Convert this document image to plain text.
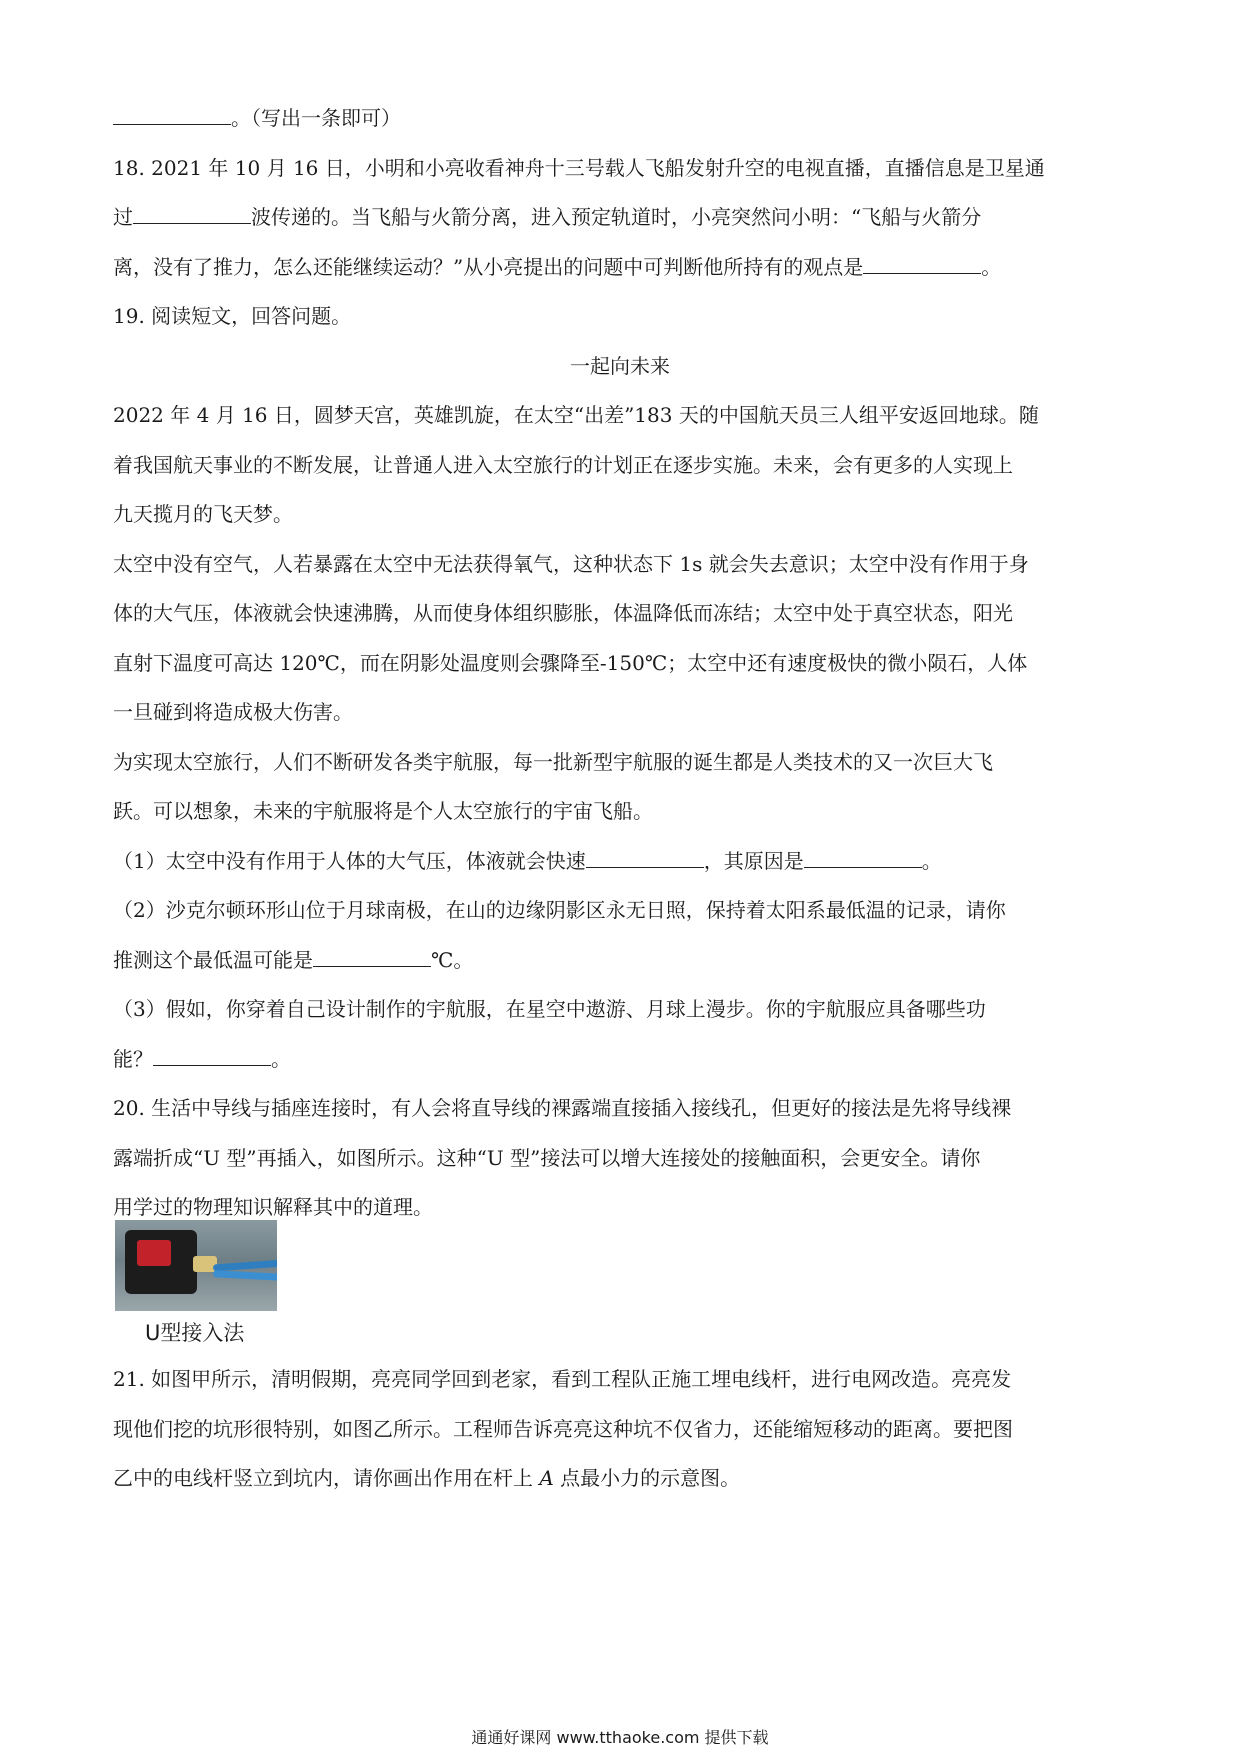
。（写出一条即可）
18. 2021 年 10 月 16 日，小明和小亮收看神舟十三号载人飞船发射升空的电视直播，直播信息是卫星通
过	波传递的。当飞船与火箭分离，进入预定轨道时，小亮突然问小明：“飞船与火箭分
离，没有了推力，怎么还能继续运动？”从小亮提出的问题中可判断他所持有的观点是	。
19. 阅读短文，回答问题。
一起向未来
2022 年 4 月 16 日，圆梦天宫，英雄凯旋，在太空“出差”183 天的中国航天员三人组平安返回地球。随
着我国航天事业的不断发展，让普通人进入太空旅行的计划正在逐步实施。未来，会有更多的人实现上
九天揽月的飞天梦。
太空中没有空气，人若暴露在太空中无法获得氧气，这种状态下 1s 就会失去意识；太空中没有作用于身
体的大气压，体液就会快速沸腾，从而使身体组织膨胀，体温降低而冻结；太空中处于真空状态，阳光
直射下温度可高达 120℃，而在阴影处温度则会骤降至-150℃；太空中还有速度极快的微小陨石，人体
一旦碰到将造成极大伤害。
为实现太空旅行，人们不断研发各类宇航服，每一批新型宇航服的诞生都是人类技术的又一次巨大飞
跃。可以想象，未来的宇航服将是个人太空旅行的宇宙飞船。
（1）太空中没有作用于人体的大气压，体液就会快速	，其原因是	。
（2）沙克尔顿环形山位于月球南极，在山的边缘阴影区永无日照，保持着太阳系最低温的记录，请你
推测这个最低温可能是	℃。
（3）假如，你穿着自己设计制作的宇航服，在星空中遨游、月球上漫步。你的宇航服应具备哪些功
能？	。
20. 生活中导线与插座连接时，有人会将直导线的裸露端直接插入接线孔，但更好的接法是先将导线裸
露端折成“U 型”再插入，如图所示。这种“U 型”接法可以增大连接处的接触面积，会更安全。请你
用学过的物理知识解释其中的道理。
U型接入法
21. 如图甲所示，清明假期，亮亮同学回到老家，看到工程队正施工埋电线杆，进行电网改造。亮亮发
现他们挖的坑形很特别，如图乙所示。工程师告诉亮亮这种坑不仅省力，还能缩短移动的距离。要把图
乙中的电线杆竖立到坑内，请你画出作用在杆上 A 点最小力的示意图。
通通好课网 www.tthaoke.com 提供下载
